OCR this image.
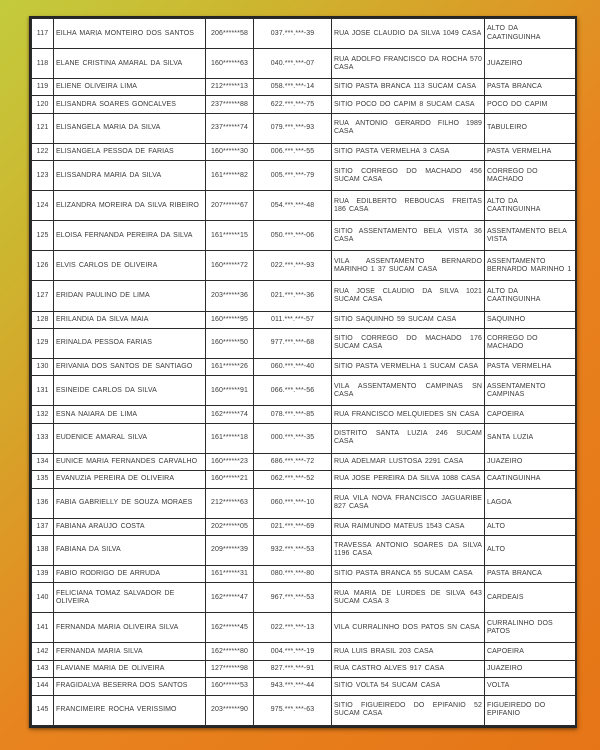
117	EILHA MARIA MONTEIRO DOS SANTOS	206******58	037.***.***-39	RUA JOSE CLAUDIO DA SILVA 1049 CASA	ALTO DA CAATINGUINHA
118	ELANE CRISTINA AMARAL DA SILVA	160******63	040.***.***-07	RUA ADOLFO FRANCISCO DA ROCHA 570 CASA	JUAZEIRO
119	ELIENE OLIVEIRA LIMA	212******13	058.***.***-14	SITIO PASTA BRANCA 113 SUCAM CASA	PASTA BRANCA
120	ELISANDRA SOARES GONCALVES	237******88	622.***.***-75	SITIO POCO DO CAPIM 8 SUCAM CASA	POCO DO CAPIM
121	ELISANGELA MARIA DA SILVA	237******74	079.***.***-93	RUA ANTONIO GERARDO FILHO 1989 CASA	TABULEIRO
122	ELISANGELA PESSOA DE FARIAS	160******30	006.***.***-55	SITIO PASTA VERMELHA 3 CASA	PASTA VERMELHA
123	ELISSANDRA MARIA DA SILVA	161******82	005.***.***-79	SITIO CORREGO DO MACHADO 456 SUCAM CASA	CORREGO DO MACHADO
124	ELIZANDRA MOREIRA DA SILVA RIBEIRO	207******67	054.***.***-48	RUA EDILBERTO REBOUCAS FREITAS 186 CASA	ALTO DA CAATINGUINHA
125	ELOISA FERNANDA PEREIRA DA SILVA	161******15	050.***.***-06	SITIO ASSENTAMENTO BELA VISTA 36 CASA	ASSENTAMENTO BELA VISTA
126	ELVIS CARLOS DE OLIVEIRA	160******72	022.***.***-93	VILA ASSENTAMENTO BERNARDO MARINHO 1 37 SUCAM CASA	ASSENTAMENTO BERNARDO MARINHO 1
127	ERIDAN PAULINO DE LIMA	203******36	021.***.***-36	RUA JOSE CLAUDIO DA SILVA 1021 SUCAM CASA	ALTO DA CAATINGUINHA
128	ERILANDIA DA SILVA MAIA	160******95	011.***.***-57	SITIO SAQUINHO 59 SUCAM CASA	SAQUINHO
129	ERINALDA PESSOA FARIAS	160******50	977.***.***-68	SITIO CORREGO DO MACHADO 176 SUCAM CASA	CORREGO DO MACHADO
130	ERIVANIA DOS SANTOS DE SANTIAGO	161******26	060.***.***-40	SITIO PASTA VERMELHA 1 SUCAM CASA	PASTA VERMELHA
131	ESINEIDE CARLOS DA SILVA	160******91	066.***.***-56	VILA ASSENTAMENTO CAMPINAS SN CASA	ASSENTAMENTO CAMPINAS
132	ESNA NAIARA DE LIMA	162******74	078.***.***-85	RUA FRANCISCO MELQUIEDES SN CASA	CAPOEIRA
133	EUDENICE AMARAL SILVA	161******18	000.***.***-35	DISTRITO SANTA LUZIA 246 SUCAM CASA	SANTA LUZIA
134	EUNICE MARIA FERNANDES CARVALHO	160******23	686.***.***-72	RUA ADELMAR LUSTOSA 2291 CASA	JUAZEIRO
135	EVANUZIA PEREIRA DE OLIVEIRA	160******21	062.***.***-52	RUA JOSE PEREIRA DA SILVA 1088 CASA	CAATINGUINHA
136	FABIA GABRIELLY DE SOUZA MORAES	212******63	060.***.***-10	RUA VILA NOVA FRANCISCO JAGUARIBE 827 CASA	LAGOA
137	FABIANA ARAUJO COSTA	202******05	021.***.***-69	RUA RAIMUNDO MATEUS 1543 CASA	ALTO
138	FABIANA DA SILVA	209******39	932.***.***-53	TRAVESSA ANTONIO SOARES DA SILVA 1196 CASA	ALTO
139	FABIO RODRIGO DE ARRUDA	161******31	080.***.***-80	SITIO PASTA BRANCA 55 SUCAM CASA	PASTA BRANCA
140	FELICIANA TOMAZ SALVADOR DE OLIVEIRA	162******47	967.***.***-53	RUA MARIA DE LURDES DE SILVA 643 SUCAM CASA 3	CARDEAIS
141	FERNANDA MARIA OLIVEIRA SILVA	162******45	022.***.***-13	VILA CURRALINHO DOS PATOS SN CASA	CURRALINHO DOS PATOS
142	FERNANDA MARIA SILVA	162******80	004.***.***-19	RUA LUIS BRASIL 203 CASA	CAPOEIRA
143	FLAVIANE MARIA DE OLIVEIRA	127******98	827.***.***-91	RUA CASTRO ALVES 917 CASA	JUAZEIRO
144	FRAGIDALVA BESERRA DOS SANTOS	160******53	943.***.***-44	SITIO VOLTA 54 SUCAM CASA	VOLTA
145	FRANCIMEIRE ROCHA VERISSIMO	203******90	975.***.***-63	SITIO FIGUEIREDO DO EPIFANIO 52 SUCAM CASA	FIGUEIREDO DO EPIFANIO
